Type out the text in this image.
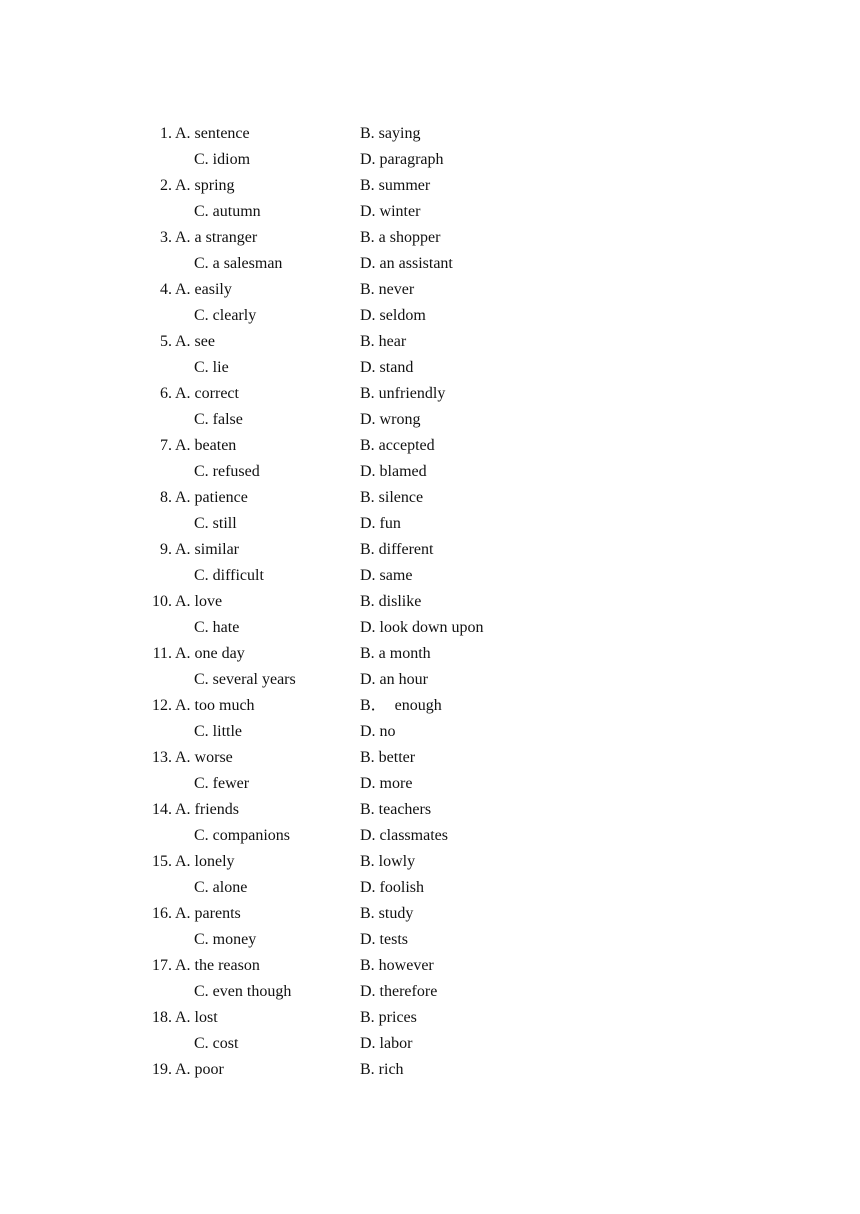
1. A. sentence	B. saying
C. idiom	D. paragraph
2. A. spring	B. summer
C. autumn	D. winter
3. A. a stranger	B. a shopper
C. a salesman	D. an assistant
4. A. easily	B. never
C. clearly	D. seldom
5. A. see	B. hear
C. lie	D. stand
6. A. correct	B. unfriendly
C. false	D. wrong
7. A. beaten	B. accepted
C. refused	D. blamed
8. A. patience	B. silence
C. still	D. fun
9. A. similar	B. different
C. difficult	D. same
10. A. love	B. dislike
C. hate	D. look down upon
11. A. one day	B. a month
C. several years	D. an hour
12. A. too much	B．  enough
C. little	D. no
13. A. worse	B. better
C. fewer	D. more
14. A. friends	B. teachers
C. companions	D. classmates
15. A. lonely	B. lowly
C. alone	D. foolish
16. A. parents	B. study
C. money	D. tests
17. A. the reason	B. however
C. even though	D. therefore
18. A. lost	B. prices
C. cost	D. labor
19. A. poor	B. rich
